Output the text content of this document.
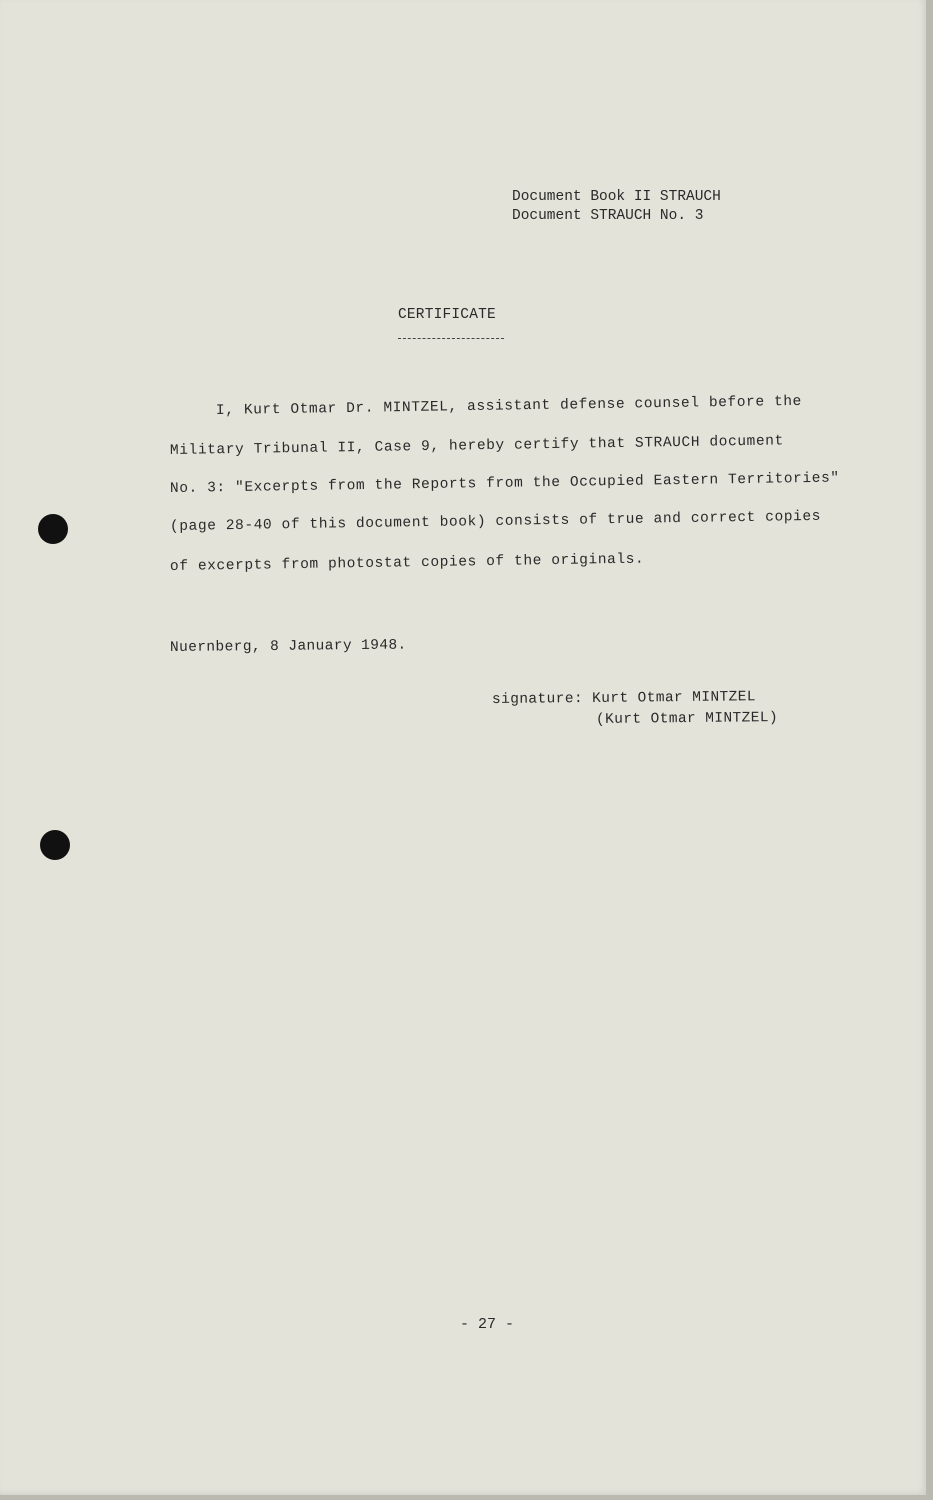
Document Book II STRAUCH
Document STRAUCH No. 3
CERTIFICATE
I, Kurt Otmar Dr. MINTZEL, assistant defense counsel before the
Military Tribunal II, Case 9, hereby certify that STRAUCH document
No. 3: "Excerpts from the Reports from the Occupied Eastern Territories"
(page 28-40 of this document book) consists of true and correct copies
of excerpts from photostat copies of the originals.
Nuernberg, 8 January 1948.
signature: Kurt Otmar MINTZEL
(Kurt Otmar MINTZEL)
- 27 -
